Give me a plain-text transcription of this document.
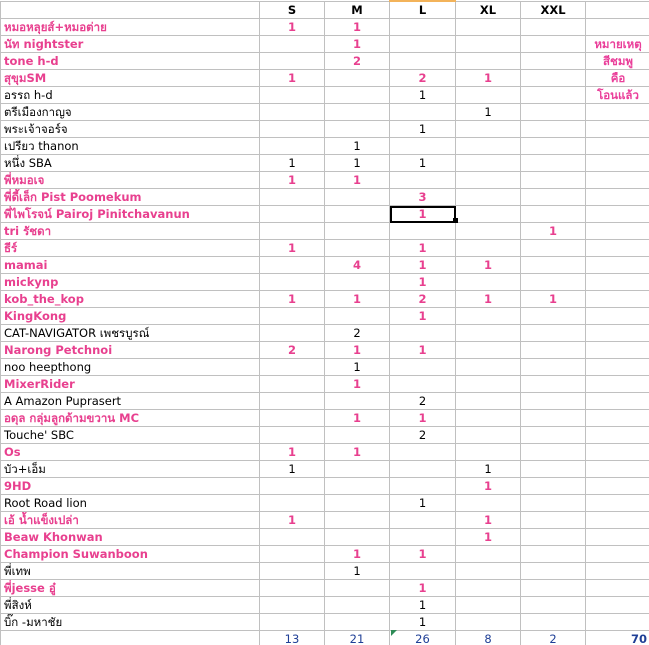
	S	M	L	XL	XXL	
หมอหลุยส์+หมอต่าย	1	1				
นัท nightster		1				หมายเหตุ
tone h-d		2				สีชมพู
สุขุมSM	1		2	1		คือ
อรรถ h-d			1			โอนแล้ว
ตรีเมืองกาญจ				1		
พระเจ้าจอร์จ			1			
เปรียว thanon		1				
หนึ่ง SBA	1	1	1			
พี่หมอเจ	1	1				
พี่ดี้เล็ก Pist Poomekum			3			
พี่ไพโรจน์ Pairoj Pinitchavanun			1			
tri รัชดา					1	
ธีร์	1		1			
mamai		4	1	1		
mickynp			1			
kob_the_kop	1	1	2	1	1	
KingKong			1			
CAT-NAVIGATOR เพชรบูรณ์		2				
Narong Petchnoi	2	1	1			
noo heepthong		1				
MixerRider		1				
A Amazon Puprasert			2			
อดุล กลุ่มลูกด้ามขวาน MC		1	1			
Touche' SBC			2			
Os	1	1				
บัว+เอ็ม	1			1		
9HD				1		
Root Road lion			1			
เอ้ น้ำแข็งเปล่า	1			1		
Beaw Khonwan				1		
Champion Suwanboon		1	1			
พี่เทพ		1				
พี่jesse อู๋			1			
พี่สิงห์			1			
บิ๊ก -มหาชัย			1			
	13	21	26	8	2	70
